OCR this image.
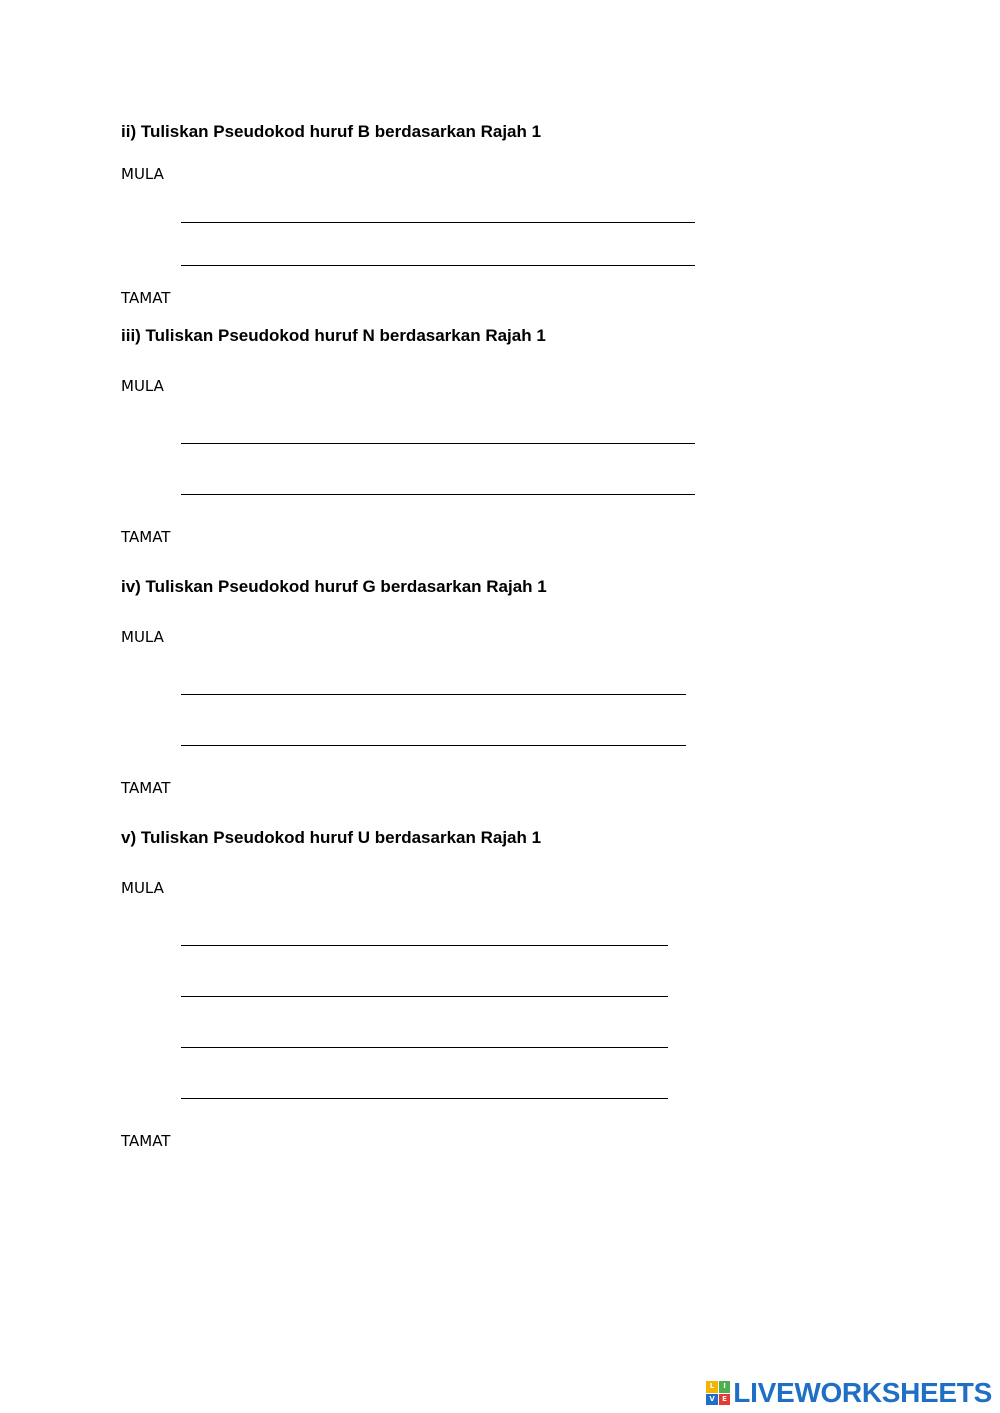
ii) Tuliskan Pseudokod huruf B berdasarkan Rajah 1
MULA
TAMAT
iii) Tuliskan Pseudokod huruf N berdasarkan Rajah 1
MULA
TAMAT
iv) Tuliskan Pseudokod huruf G berdasarkan Rajah 1
MULA
TAMAT
v) Tuliskan Pseudokod huruf U berdasarkan Rajah 1
MULA
TAMAT
L	I
V	E LIVEWORKSHEETS
